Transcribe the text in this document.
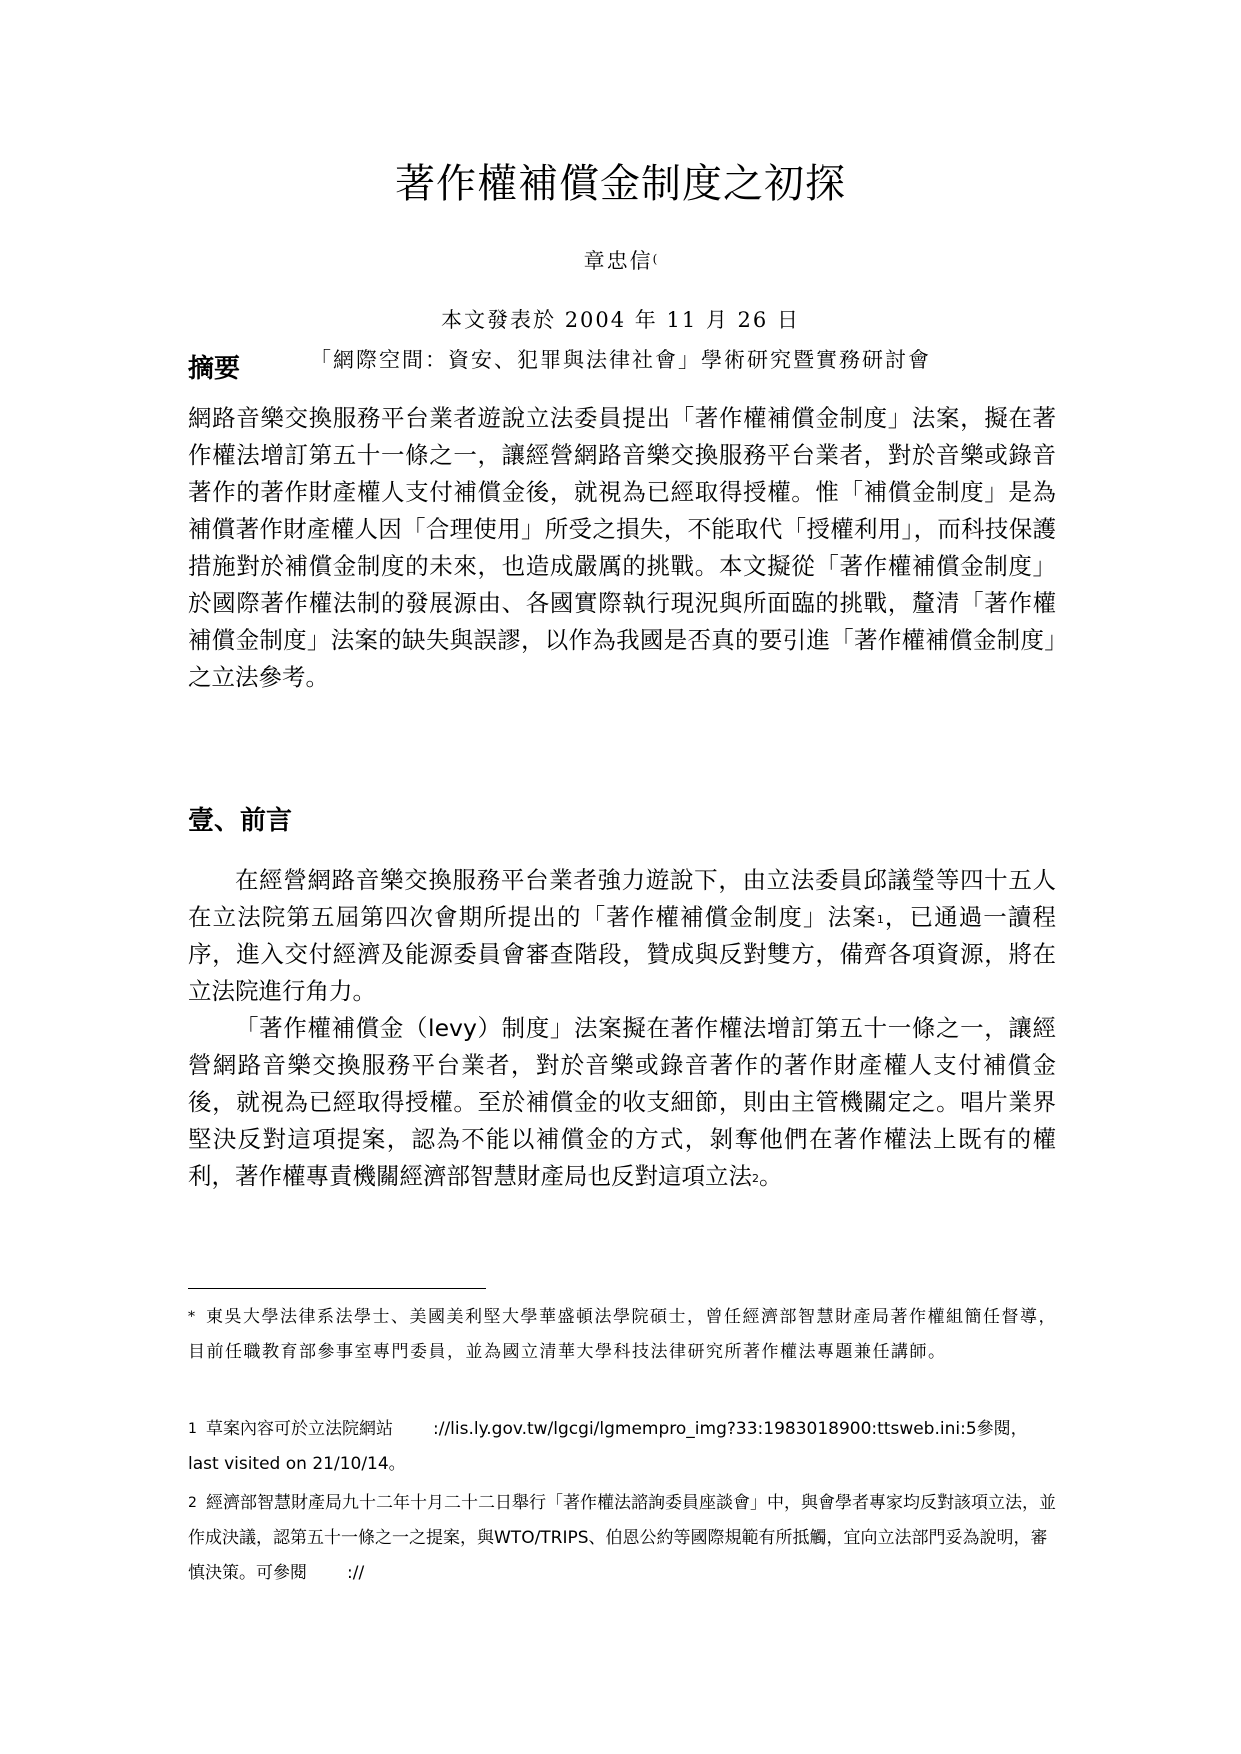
著作權補償金制度之初探
章忠信(
本文發表於 2004 年 11 月 26 日
「網際空間：資安、犯罪與法律社會」學術研究暨實務研討會
摘要
網路音樂交換服務平台業者遊說立法委員提出「著作權補償金制度」法案，擬在著作權法增訂第五十一條之一，讓經營網路音樂交換服務平台業者，對於音樂或錄音著作的著作財產權人支付補償金後，就視為已經取得授權。惟「補償金制度」是為補償著作財產權人因「合理使用」所受之損失，不能取代「授權利用」，而科技保護措施對於補償金制度的未來，也造成嚴厲的挑戰。本文擬從「著作權補償金制度」於國際著作權法制的發展源由、各國實際執行現況與所面臨的挑戰，釐清「著作權補償金制度」法案的缺失與誤謬，以作為我國是否真的要引進「著作權補償金制度」之立法參考。
壹、前言
在經營網路音樂交換服務平台業者強力遊說下，由立法委員邱議瑩等四十五人在立法院第五屆第四次會期所提出的「著作權補償金制度」法案$^1$，已通過一讀程序，進入交付經濟及能源委員會審查階段，贊成與反對雙方，備齊各項資源，將在立法院進行角力。
「著作權補償金（levy）制度」法案擬在著作權法增訂第五十一條之一，讓經營網路音樂交換服務平台業者，對於音樂或錄音著作的著作財產權人支付補償金後，就視為已經取得授權。至於補償金的收支細節，則由主管機關定之。唱片業界堅決反對這項提案，認為不能以補償金的方式，剝奪他們在著作權法上既有的權利，著作權專責機關經濟部智慧財產局也反對這項立法$^2$。
* 東吳大學法律系法學士、美國美利堅大學華盛頓法學院碩士，曾任經濟部智慧財產局著作權組簡任督導，目前任職教育部參事室專門委員，並為國立清華大學科技法律研究所著作權法專題兼任講師。
1 草案內容可於立法院網站 ://lis.ly.gov.tw/lgcgi/lgmempro_img?33:1983018900:ttsweb.ini:5參閱，last visited on 21/10/14。
2 經濟部智慧財產局九十二年十月二十二日舉行「著作權法諮詢委員座談會」中，與會學者專家均反對該項立法，並作成決議，認第五十一條之一之提案，與WTO/TRIPS、伯恩公約等國際規範有所抵觸，宜向立法部門妥為說明，審慎決策。可參閱 ://
